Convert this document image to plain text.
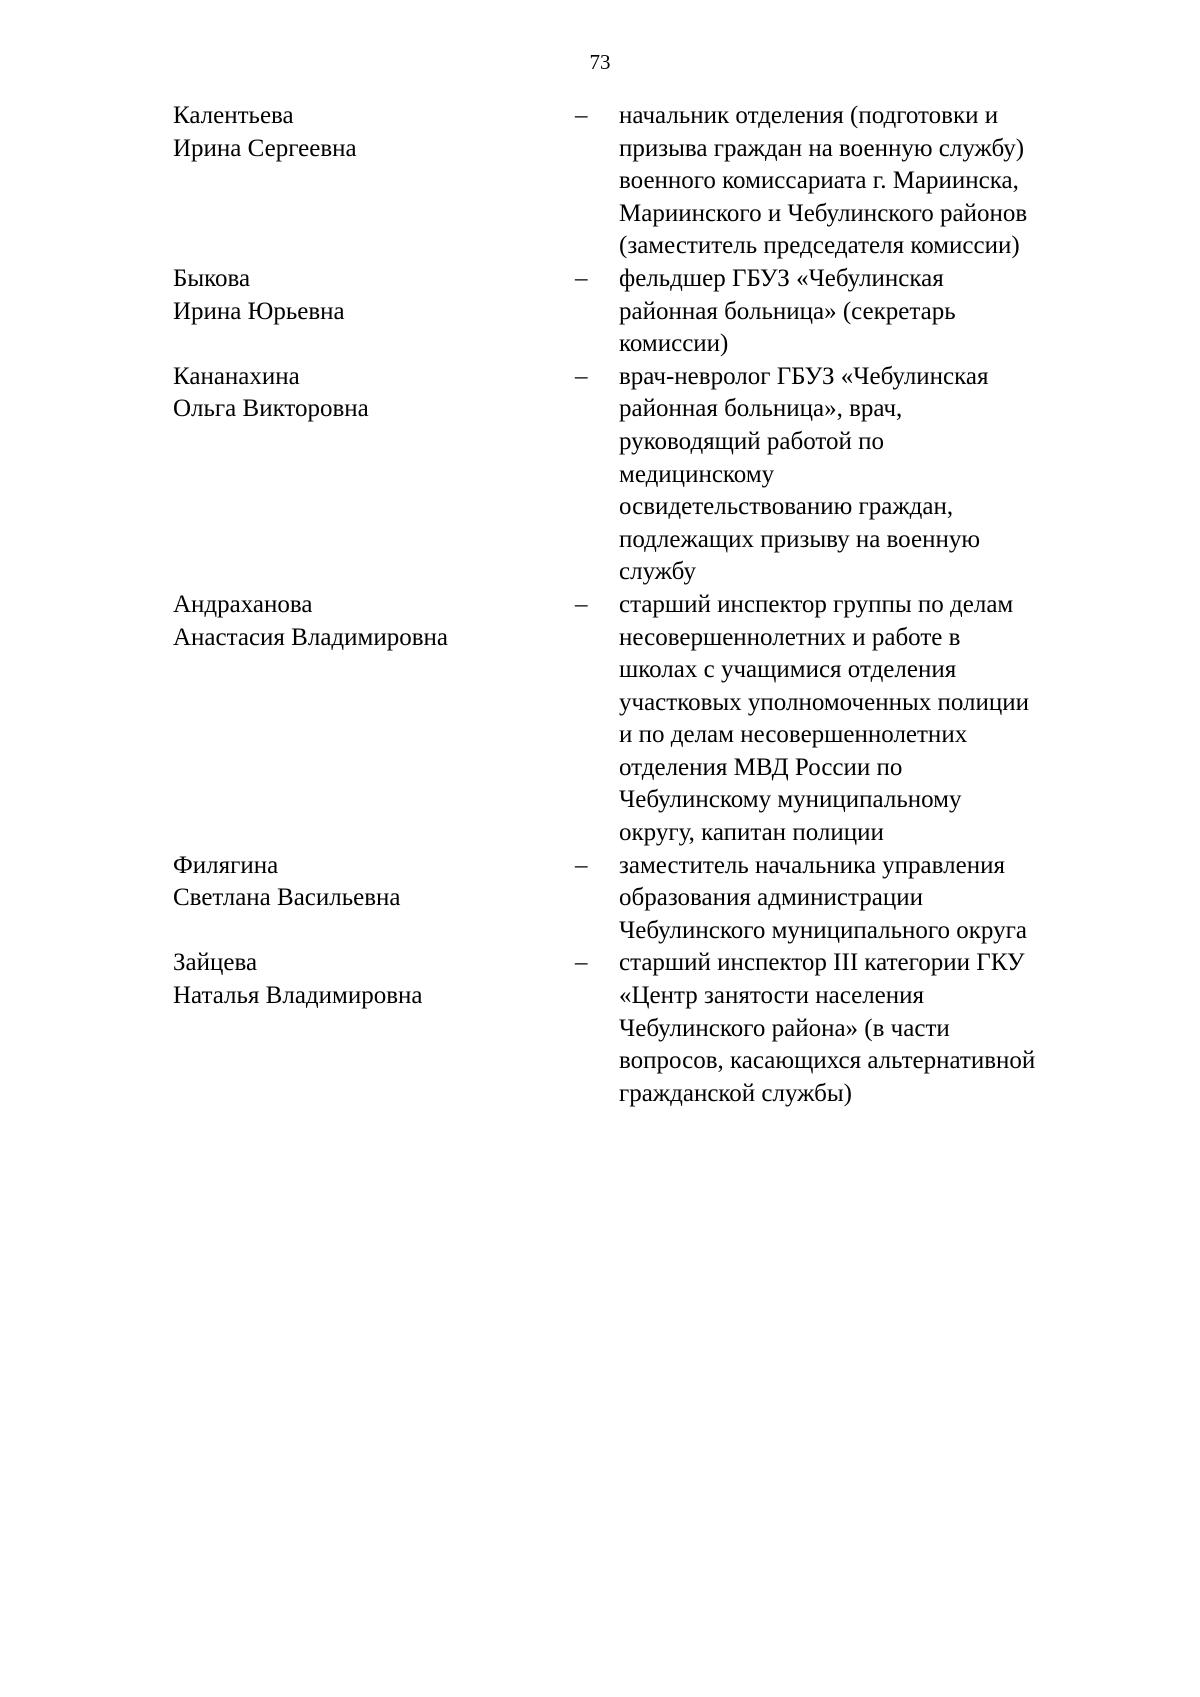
73
Калентьева
Ирина Сергеевна
–	начальник отделения (подготовки и
призыва граждан на военную службу)
военного комиссариата г. Мариинска,
Мариинского и Чебулинского районов
(заместитель председателя комиссии)
Быкова
Ирина Юрьевна
–	фельдшер ГБУЗ «Чебулинская
районная больница» (секретарь
комиссии)
Кананахина
Ольга Викторовна
–	врач-невролог ГБУЗ «Чебулинская
районная больница», врач,
руководящий работой по
медицинскому
освидетельствованию граждан,
подлежащих призыву на военную
службу
Андраханова
Анастасия Владимировна
–	старший инспектор группы по делам
несовершеннолетних и работе в
школах с учащимися отделения
участковых уполномоченных полиции
и по делам несовершеннолетних
отделения МВД России по
Чебулинскому муниципальному
округу, капитан полиции
Филягина
Светлана Васильевна
–	заместитель начальника управления
образования администрации
Чебулинского муниципального округа
Зайцева
Наталья Владимировна
–	старший инспектор III категории ГКУ
«Центр занятости населения
Чебулинского района» (в части
вопросов, касающихся альтернативной
гражданской службы)
